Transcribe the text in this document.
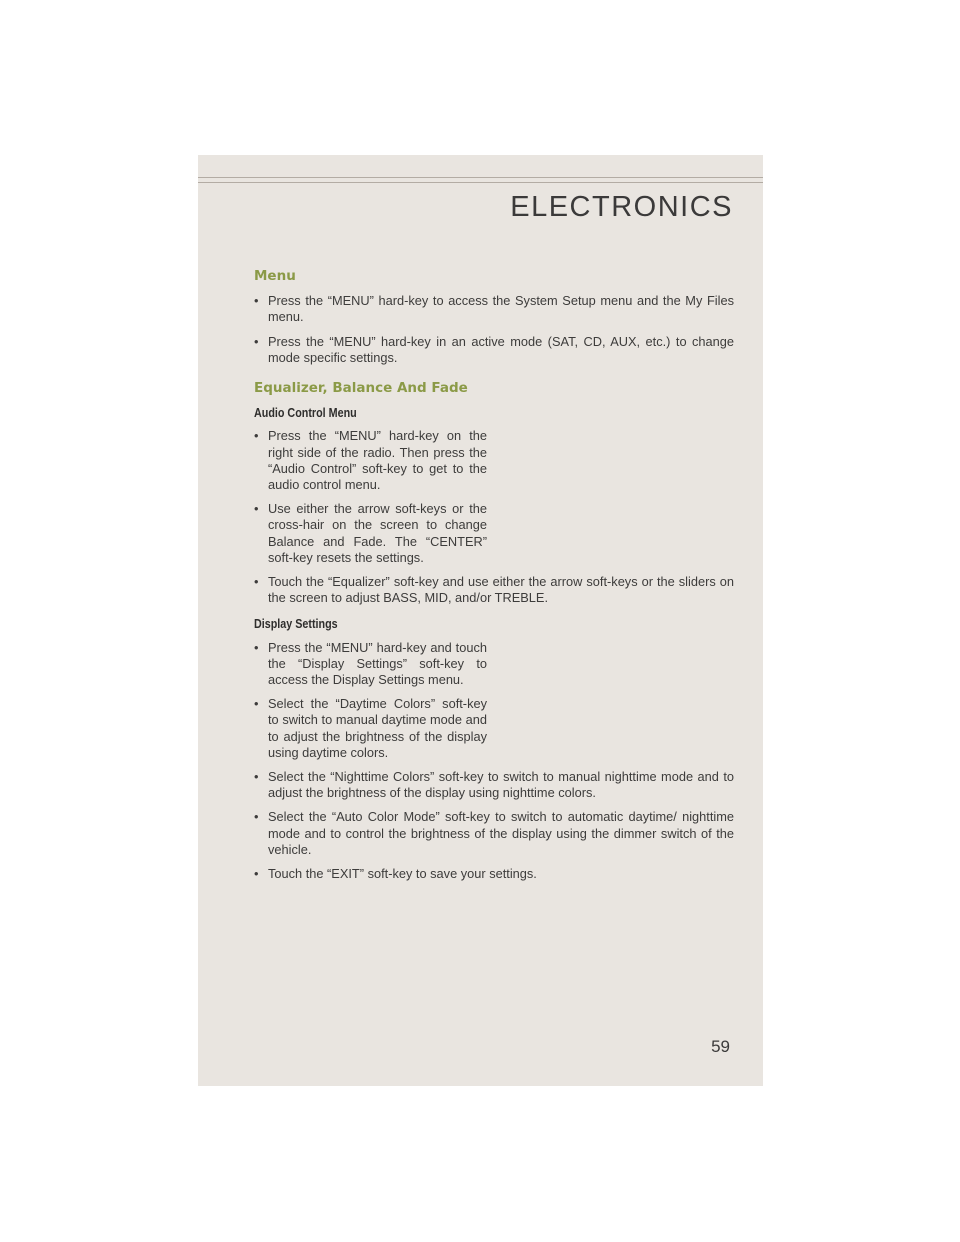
ELECTRONICS
Menu
• Press the “MENU” hard-key to access the System Setup menu and the My Files menu.
• Press the “MENU” hard-key in an active mode (SAT, CD, AUX, etc.) to change mode specific settings.
Equalizer, Balance And Fade
Audio Control Menu
• Press the “MENU” hard-key on the right side of the radio. Then press the “Audio Control” soft-key to get to the audio control menu.
• Use either the arrow soft-keys or the cross-hair on the screen to change Balance and Fade. The “CENTER” soft-key resets the settings.
• Touch the “Equalizer” soft-key and use either the arrow soft-keys or the sliders on the screen to adjust BASS, MID, and/or TREBLE.
Display Settings
• Press the “MENU” hard-key and touch the “Display Settings” soft-key to access the Display Settings menu.
• Select the “Daytime Colors” soft-key to switch to manual daytime mode and to adjust the brightness of the display using daytime colors.
• Select the “Nighttime Colors” soft-key to switch to manual nighttime mode and to adjust the brightness of the display using nighttime colors.
• Select the “Auto Color Mode” soft-key to switch to automatic daytime/ nighttime mode and to control the brightness of the display using the dimmer switch of the vehicle.
• Touch the “EXIT” soft-key to save your settings.
59
